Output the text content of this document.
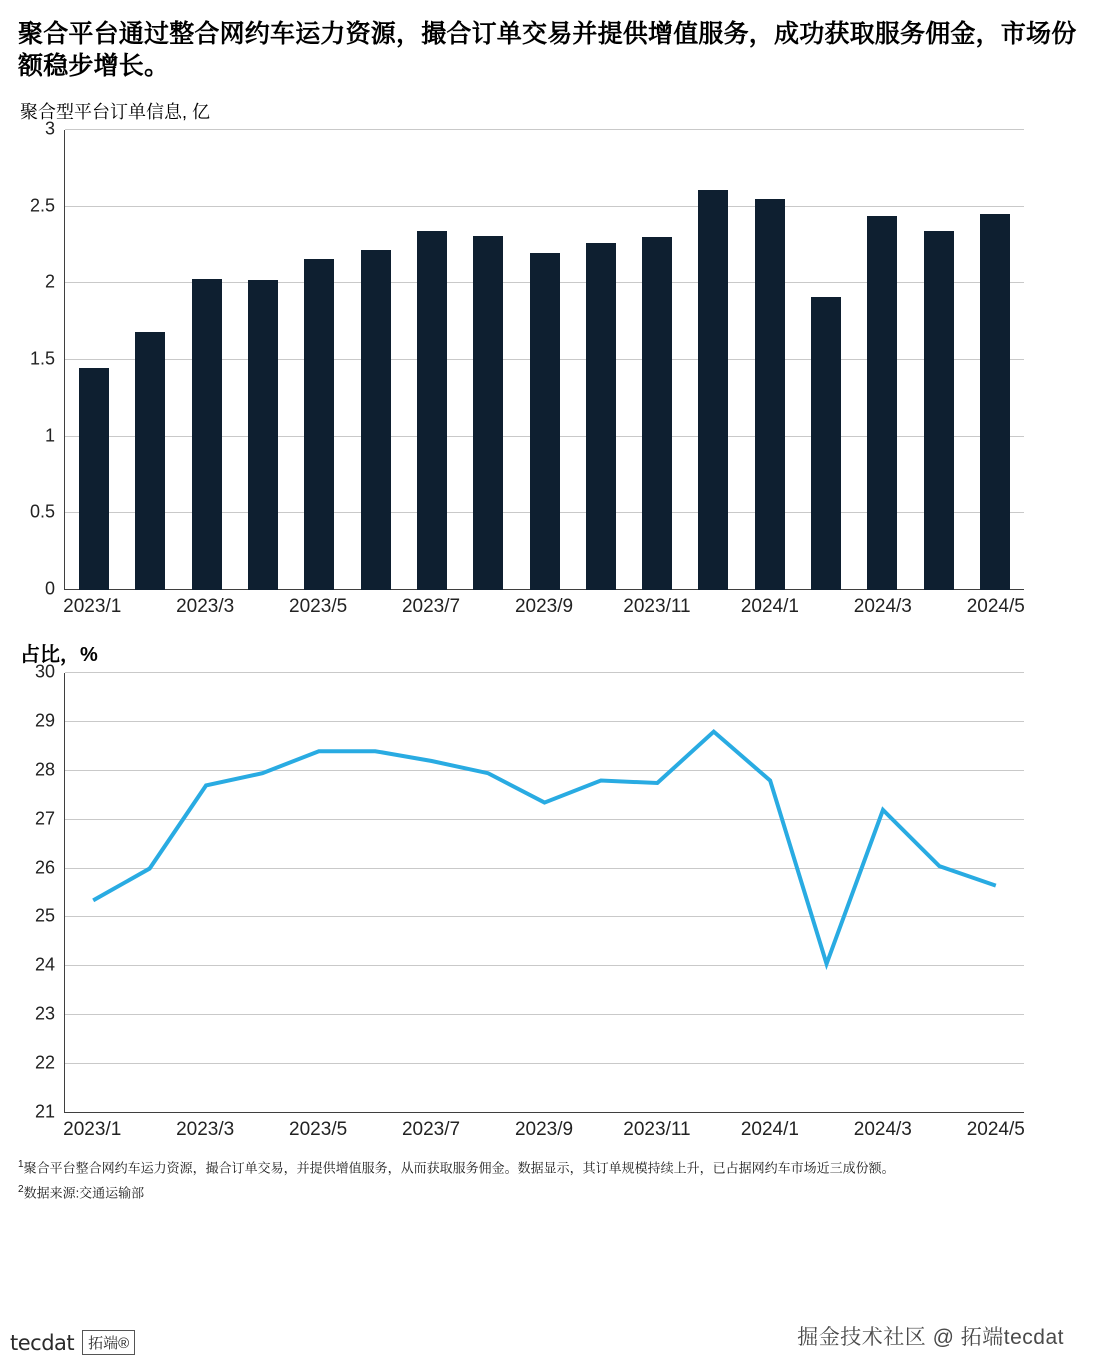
聚合平台通过整合网约车运力资源，撮合订单交易并提供增值服务，成功获取服务佣金，市场份额稳步增长。
聚合型平台订单信息, 亿
0
0.5
1
1.5
2
2.5
3
2023/1	2023/3	2023/5	2023/7	2023/9	2023/11	2024/1	2024/3	2024/5
占比，%
21
22
23
24
25
26
27
28
29
30
2023/1	2023/3	2023/5	2023/7	2023/9	2023/11	2024/1	2024/3	2024/5
$^1$聚合平台整合网约车运力资源，撮合订单交易，并提供增值服务，从而获取服务佣金。数据显示，其订单规模持续上升，已占据网约车市场近三成份额。
$^2$数据来源:交通运输部
tecdat 拓端®	掘金技术社区 @ 拓端tecdat
